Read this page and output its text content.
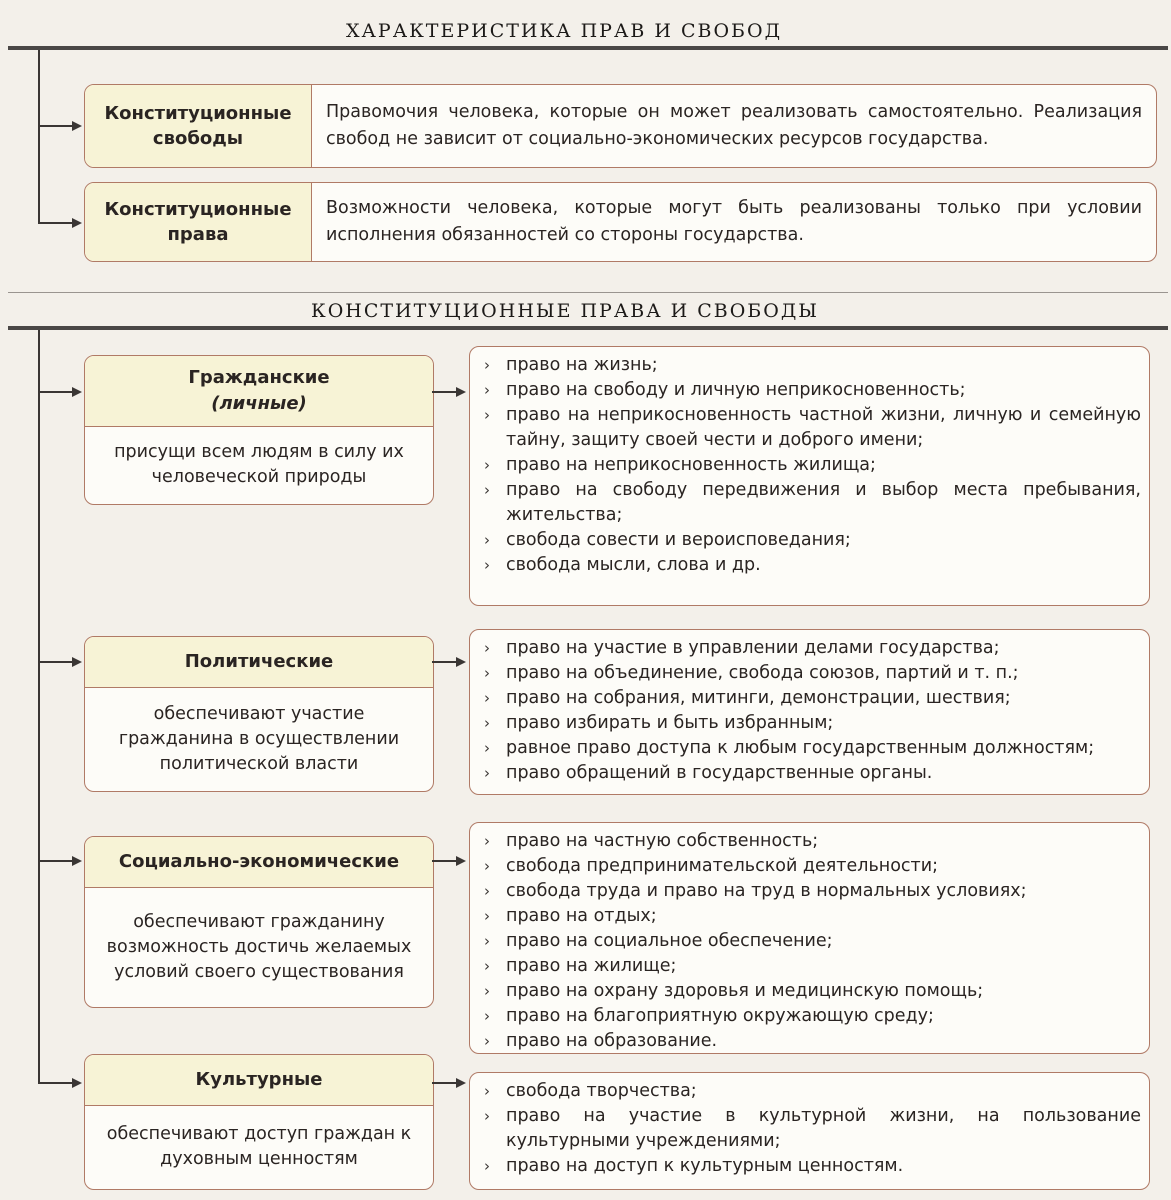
ХАРАКТЕРИСТИКА ПРАВ И СВОБОД
Конституционные свободы
Правомочия человека, которые он может реализовать самостоятельно. Реализация свобод не зависит от социально-экономических ресурсов государства.
Конституционные права
Возможности человека, которые могут быть реализованы только при условии исполнения обязанностей со стороны государства.
КОНСТИТУЦИОННЫЕ ПРАВА И СВОБОДЫ
Гражданские
(личные)
присущи всем людям в силу их человеческой природы
› право на жизнь;
› право на свободу и личную неприкосновенность;
› право на неприкосновенность частной жизни, личную и семейную тайну, защиту своей чести и доброго имени;
› право на неприкосновенность жилища;
› право на свободу передвижения и выбор места пребывания, жительства;
› свобода совести и вероисповедания;
› свобода мысли, слова и др.
Политические
обеспечивают участие гражданина в осуществлении политической власти
› право на участие в управлении делами государства;
› право на объединение, свобода союзов, партий и т. п.;
› право на собрания, митинги, демонстрации, шествия;
› право избирать и быть избранным;
› равное право доступа к любым государственным должностям;
› право обращений в государственные органы.
Социально-экономические
обеспечивают гражданину возможность достичь желаемых условий своего существования
› право на частную собственность;
› свобода предпринимательской деятельности;
› свобода труда и право на труд в нормальных условиях;
› право на отдых;
› право на социальное обеспечение;
› право на жилище;
› право на охрану здоровья и медицинскую помощь;
› право на благоприятную окружающую среду;
› право на образование.
Культурные
обеспечивают доступ граждан к духовным ценностям
› свобода творчества;
› право на участие в культурной жизни, на пользование культурными учреждениями;
› право на доступ к культурным ценностям.
